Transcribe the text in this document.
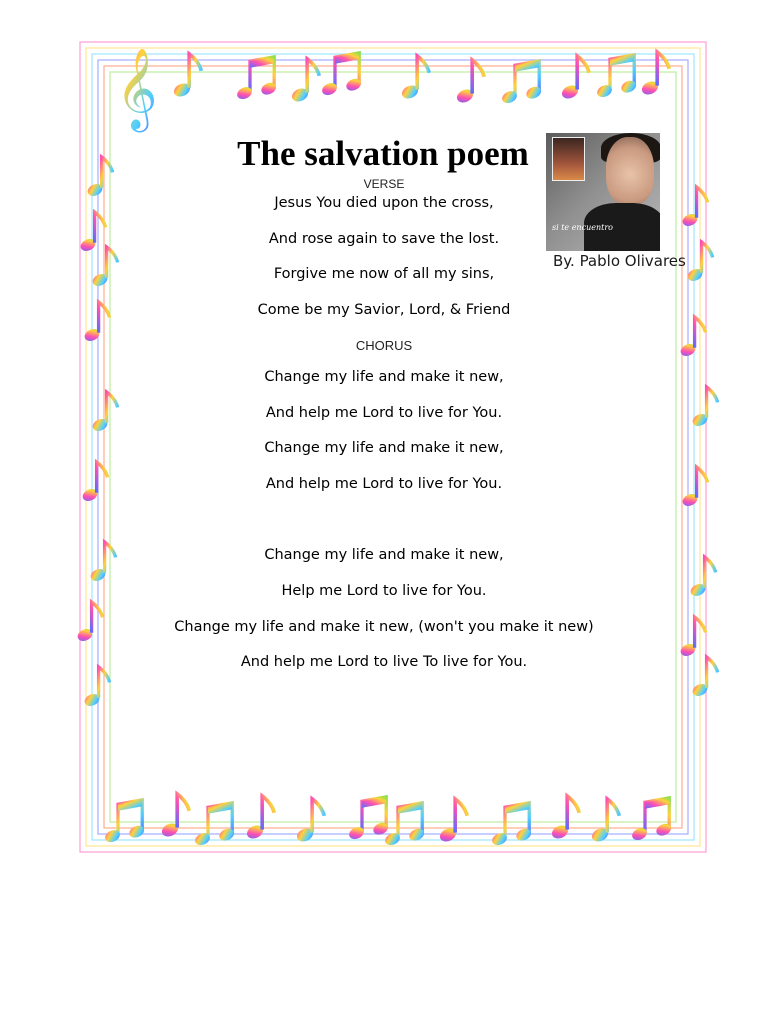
𝄞
The salvation poem
VERSE
Jesus You died upon the cross,
And rose again to save the lost.
Forgive me now of all my sins,
Come be my Savior, Lord, & Friend
CHORUS
Change my life and make it new,
And help me Lord to live for You.
Change my life and make it new,
And help me Lord to live for You.
Change my life and make it new,
Help me Lord to live for You.
Change my life and make it new, (won't you make it new)
And help me Lord to live To live for You.
si te encuentro
By. Pablo Olivares
